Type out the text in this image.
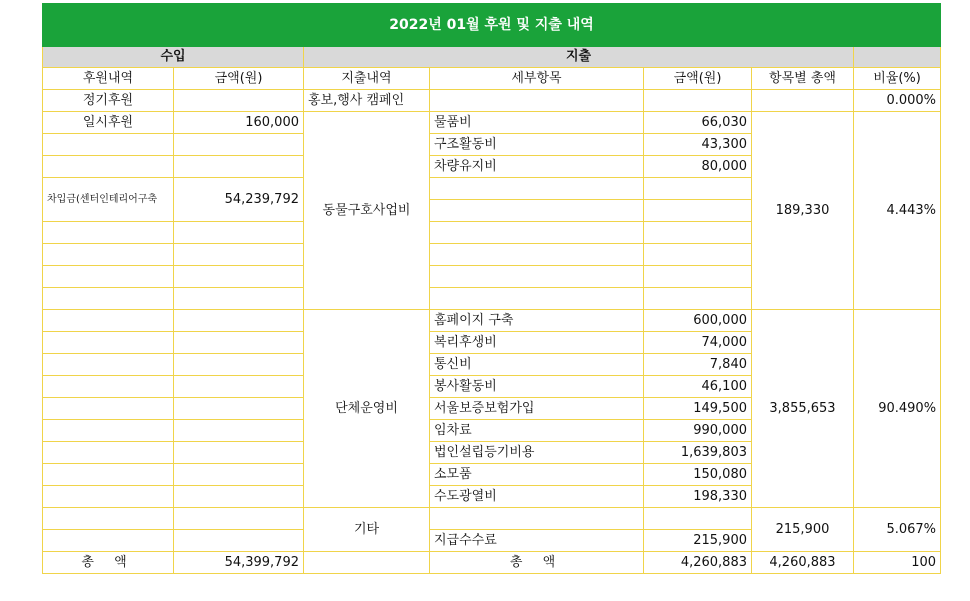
2022년 01월 후원 및 지출 내역						
수입		지출				
후원내역	금액(원)	지출내역	세부항목	금액(원)	항목별 총액	비율(%)
정기후원		홍보,행사 캠페인				0.000%
일시후원	160,000	동물구호사업비	물품비	66,030	189,330	4.443%
			구조활동비	43,300		
			차량유지비	80,000		
차입금(센터인테리어구축	54,239,792					

		단체운영비	홈페이지 구축	600,000	3,855,653	90.490%
			복리후생비	74,000		
			통신비	7,840		
			봉사활동비	46,100		
			서울보증보험가입	149,500		
			임차료	990,000		
			법인설립등기비용	1,639,803		
			소모품	150,080		
			수도광열비	198,330		
		기타			215,900	5.067%
			지급수수료	215,900		
총 액	54,399,792		총 액	4,260,883	4,260,883	100
